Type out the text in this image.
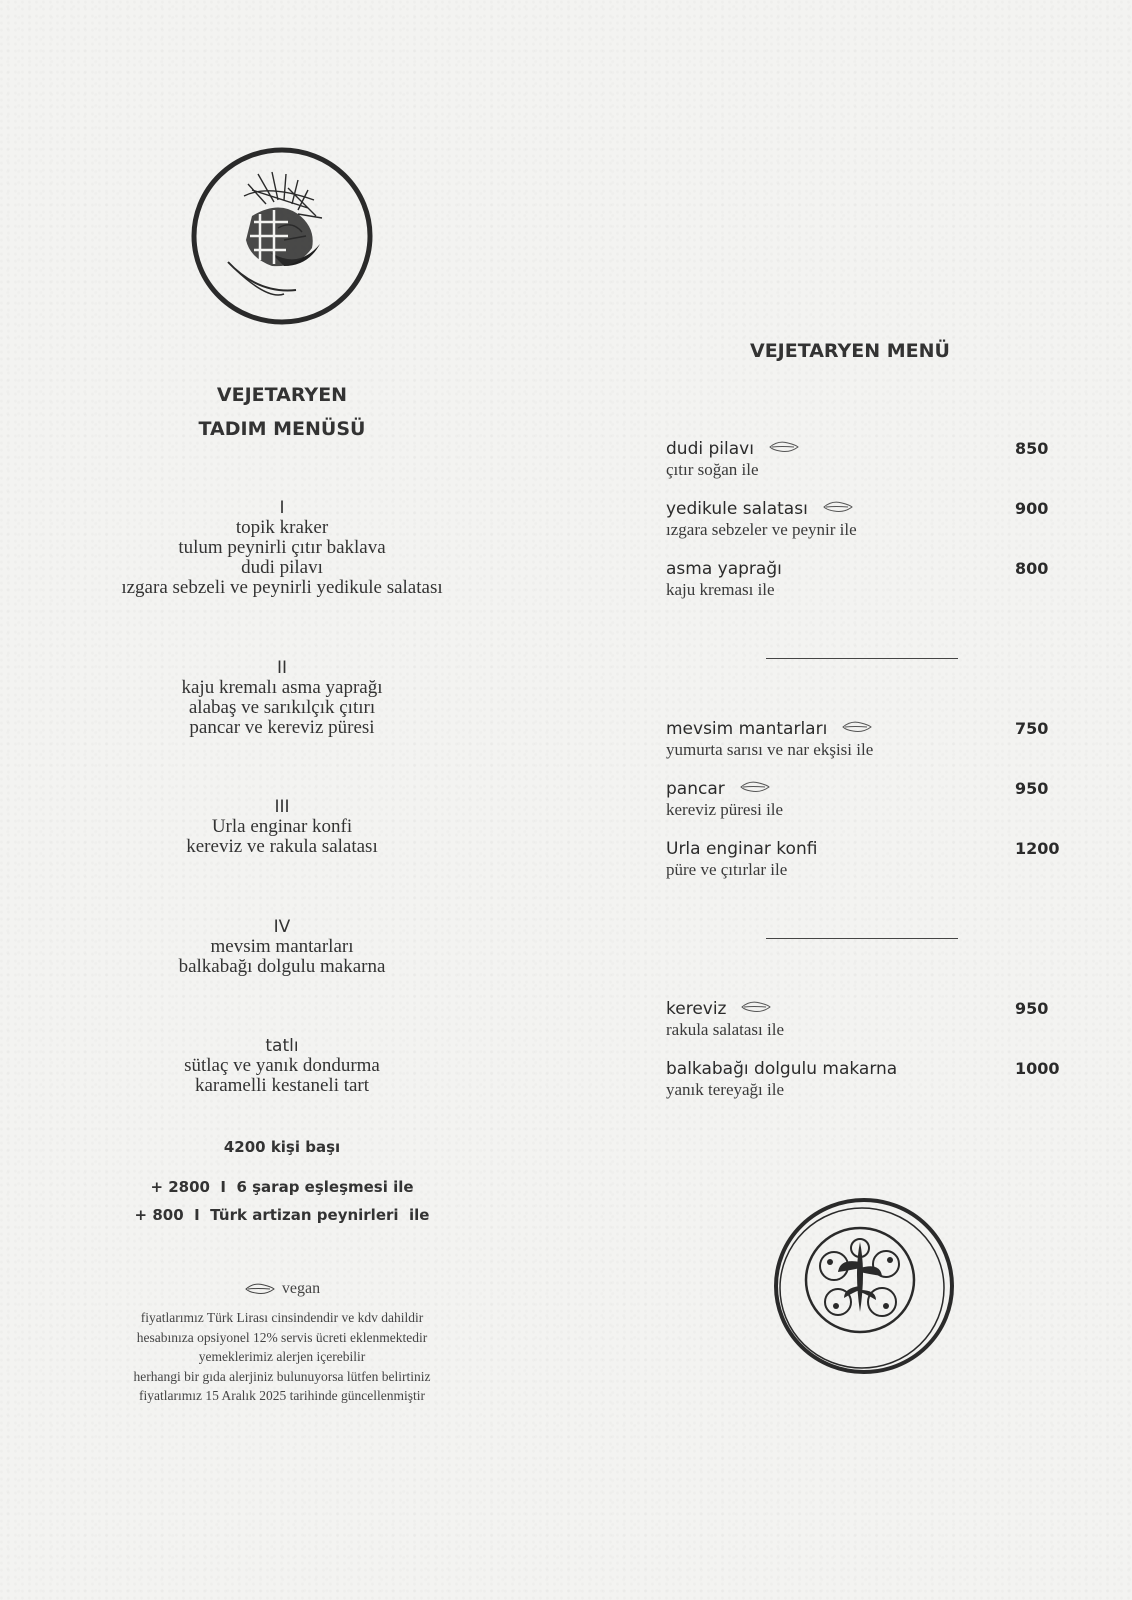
VEJETARYEN
TADIM MENÜSÜ
I
topik kraker
tulum peynirli çıtır baklava
dudi pilavı
ızgara sebzeli ve peynirli yedikule salatası
II
kaju kremalı asma yaprağı
alabaş ve sarıkılçık çıtırı
pancar ve kereviz püresi
III
Urla enginar konfi
kereviz ve rakula salatası
IV
mevsim mantarları
balkabağı dolgulu makarna
tatlı
sütlaç ve yanık dondurma
karamelli kestaneli tart
4200 kişi başı
+ 2800  I  6 şarap eşleşmesi ile
+ 800  I  Türk artizan peynirleri  ile
vegan
fiyatlarımız Türk Lirası cinsindendir ve kdv dahildir
hesabınıza opsiyonel 12% servis ücreti eklenmektedir
yemeklerimiz alerjen içerebilir
herhangi bir gıda alerjiniz bulunuyorsa lütfen belirtiniz
fiyatlarımız 15 Aralık 2025 tarihinde güncellenmiştir
VEJETARYEN MENÜ
dudi pilavı
çıtır soğan ile
850
yedikule salatası
ızgara sebzeler ve peynir ile
900
asma yaprağı
kaju kreması ile
800
mevsim mantarları
yumurta sarısı ve nar ekşisi ile
750
pancar
kereviz püresi ile
950
Urla enginar konfi
püre ve çıtırlar ile
1200
kereviz
rakula salatası ile
950
balkabağı dolgulu makarna
yanık tereyağı ile
1000
